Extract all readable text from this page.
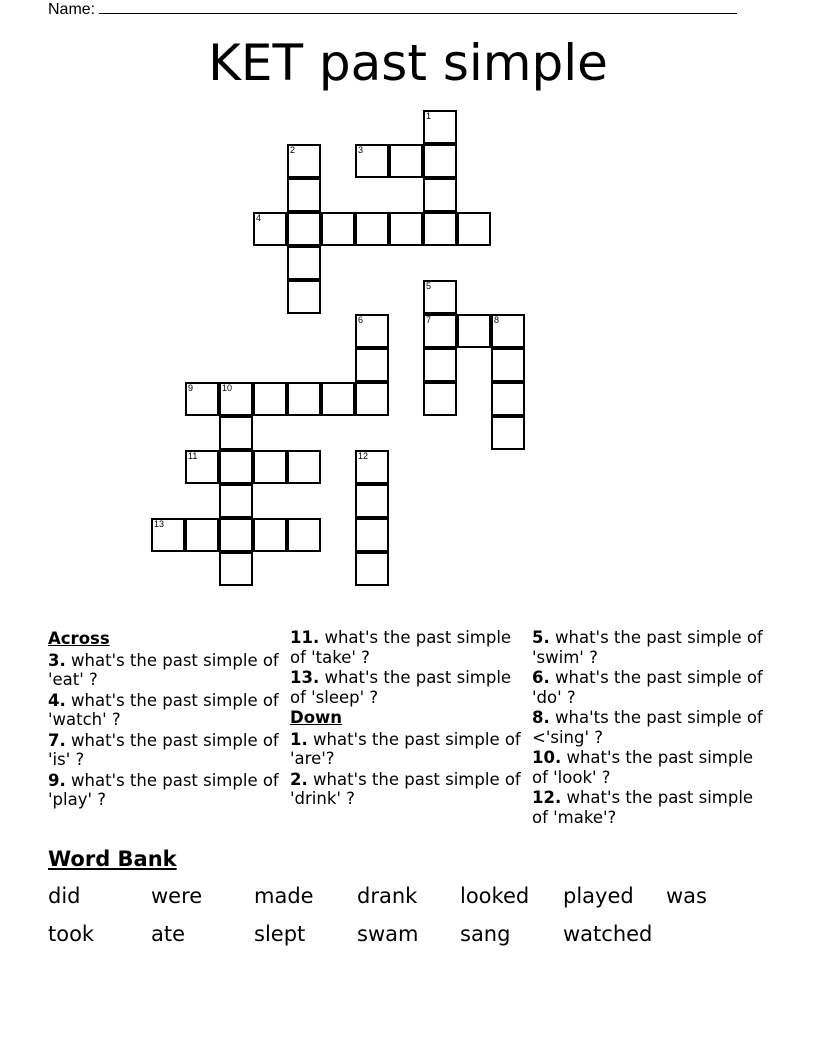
Name:
KET past simple
1
2	3
4
5
6	7	8
9	10
11	12
13
Across
3. what's the past simple of 'eat' ?
4. what's the past simple of 'watch' ?
7. what's the past simple of 'is' ?
9. what's the past simple of 'play' ?
11. what's the past simple of 'take' ?
13. what's the past simple of 'sleep' ?
Down
1. what's the past simple of 'are'?
2. what's the past simple of 'drink' ?
5. what's the past simple of 'swim' ?
6. what's the past simple of 'do' ?
8. wha'ts the past simple of <'sing' ?
10. what's the past simple of 'look' ?
12. what's the past simple of 'make'?
Word Bank
did	were made drank looked played was
took	ate	slept swam sang	watched
